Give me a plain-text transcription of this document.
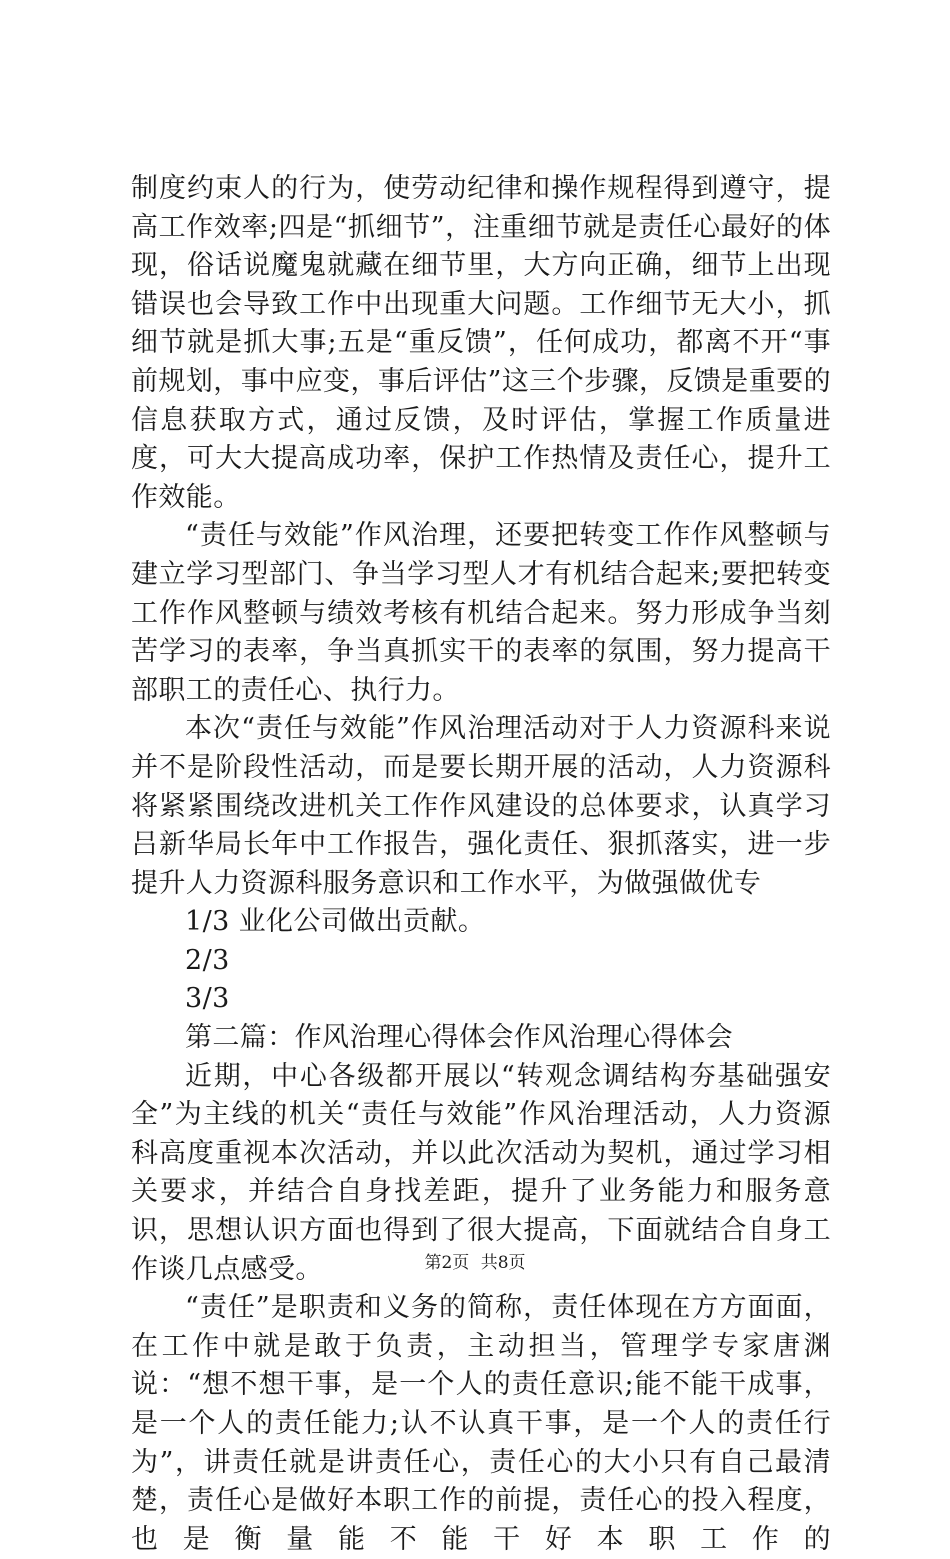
制度约束人的行为，使劳动纪律和操作规程得到遵守，提高工作效率;四是“抓细节”，注重细节就是责任心最好的体现，俗话说魔鬼就藏在细节里，大方向正确，细节上出现错误也会导致工作中出现重大问题。工作细节无大小，抓细节就是抓大事;五是“重反馈”，任何成功，都离不开“事前规划，事中应变，事后评估”这三个步骤，反馈是重要的信息获取方式，通过反馈，及时评估，掌握工作质量进度，可大大提高成功率，保护工作热情及责任心，提升工作效能。

“责任与效能”作风治理，还要把转变工作作风整顿与建立学习型部门、争当学习型人才有机结合起来;要把转变工作作风整顿与绩效考核有机结合起来。努力形成争当刻苦学习的表率，争当真抓实干的表率的氛围，努力提高干部职工的责任心、执行力。

本次“责任与效能”作风治理活动对于人力资源科来说并不是阶段性活动，而是要长期开展的活动，人力资源科将紧紧围绕改进机关工作作风建设的总体要求，认真学习吕新华局长年中工作报告，强化责任、狠抓落实，进一步提升人力资源科服务意识和工作水平，为做强做优专

1/3 业化公司做出贡献。

2/3

3/3

第二篇：作风治理心得体会作风治理心得体会

近期，中心各级都开展以“转观念调结构夯基础强安全”为主线的机关“责任与效能”作风治理活动，人力资源科高度重视本次活动，并以此次活动为契机，通过学习相关要求，并结合自身找差距，提升了业务能力和服务意识，思想认识方面也得到了很大提高，下面就结合自身工作谈几点感受。

“责任”是职责和义务的简称，责任体现在方方面面，在工作中就是敢于负责，主动担当，管理学专家唐渊说：“想不想干事，是一个人的责任意识;能不能干成事，是一个人的责任能力;认不认真干事，是一个人的责任行为”，讲责任就是讲责任心，责任心的大小只有自己最清楚，责任心是做好本职工作的前提，责任心的投入程度，也是衡量能不能干好本职工作的

第2页 共8页
